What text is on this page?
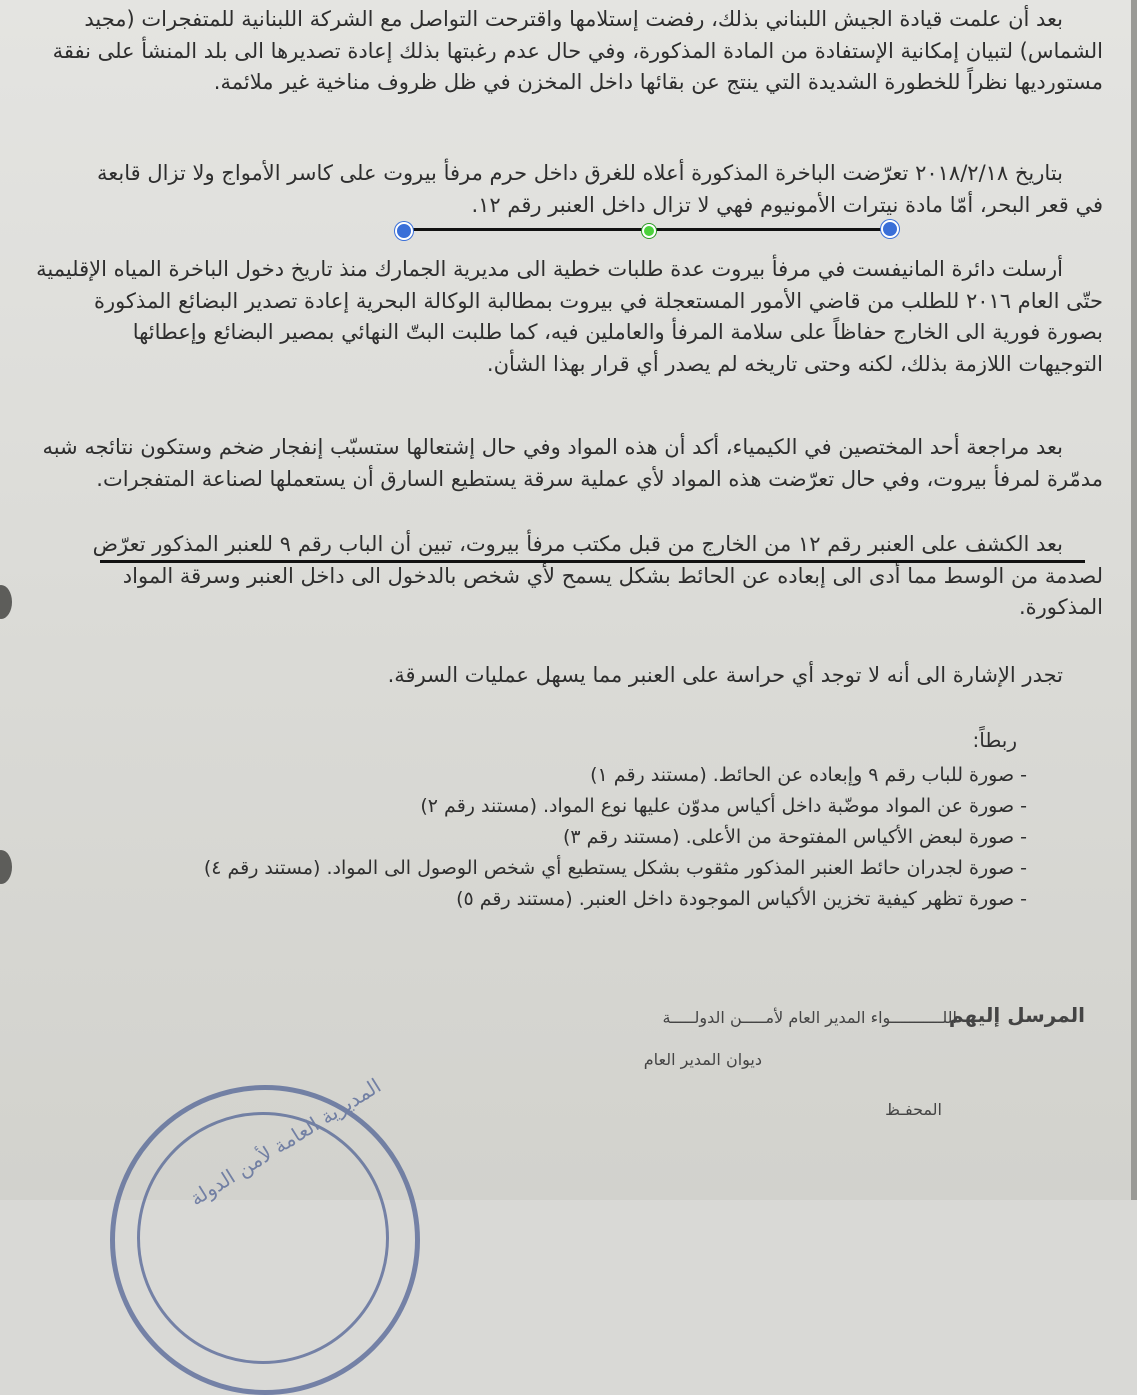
بعد أن علمت قيادة الجيش اللبناني بذلك، رفضت إستلامها واقترحت التواصل مع الشركة اللبنانية للمتفجرات (مجيد
الشماس) لتبيان إمكانية الإستفادة من المادة المذكورة، وفي حال عدم رغبتها بذلك إعادة تصديرها الى بلد المنشأ على نفقة
مستورديها نظراً للخطورة الشديدة التي ينتج عن بقائها داخل المخزن في ظل ظروف مناخية غير ملائمة.
بتاريخ ٢٠١٨/٢/١٨ تعرّضت الباخرة المذكورة أعلاه للغرق داخل حرم مرفأ بيروت على كاسر الأمواج ولا تزال قابعة
في قعر البحر، أمّا مادة نيترات الأمونيوم فهي لا تزال داخل العنبر رقم ١٢.
أرسلت دائرة المانيفست في مرفأ بيروت عدة طلبات خطية الى مديرية الجمارك منذ تاريخ دخول الباخرة المياه الإقليمية
حتّى العام ٢٠١٦ للطلب من قاضي الأمور المستعجلة في بيروت بمطالبة الوكالة البحرية إعادة تصدير البضائع المذكورة
بصورة فورية الى الخارج حفاظاً على سلامة المرفأ والعاملين فيه، كما طلبت البتّ النهائي بمصير البضائع وإعطائها
التوجيهات اللازمة بذلك، لكنه وحتى تاريخه لم يصدر أي قرار بهذا الشأن.
بعد مراجعة أحد المختصين في الكيمياء، أكد أن هذه المواد وفي حال إشتعالها ستسبّب إنفجار ضخم وستكون نتائجه شبه
مدمّرة لمرفأ بيروت، وفي حال تعرّضت هذه المواد لأي عملية سرقة يستطيع السارق أن يستعملها لصناعة المتفجرات.
بعد الكشف على العنبر رقم ١٢ من الخارج من قبل مكتب مرفأ بيروت، تبين أن الباب رقم ٩ للعنبر المذكور تعرّض
لصدمة من الوسط مما أدى الى إبعاده عن الحائط بشكل يسمح لأي شخص بالدخول الى داخل العنبر وسرقة المواد
المذكورة.
تجدر الإشارة الى أنه لا توجد أي حراسة على العنبر مما يسهل عمليات السرقة.
ربطاً:
- صورة للباب رقم ٩ وإبعاده عن الحائط. (مستند رقم ١)
- صورة عن المواد موضّبة داخل أكياس مدوّن عليها نوع المواد. (مستند رقم ٢)
- صورة لبعض الأكياس المفتوحة من الأعلى. (مستند رقم ٣)
- صورة لجدران حائط العنبر المذكور مثقوب بشكل يستطيع أي شخص الوصول الى المواد. (مستند رقم ٤)
- صورة تظهر كيفية تخزين الأكياس الموجودة داخل العنبر. (مستند رقم ٥)
المرسل إليهم
اللـــــــــــواء المدير العام لأمـــــن الدولـــــة
ديوان المدير العام
المحفـظ
المديرية العامة لأمن الدولة
